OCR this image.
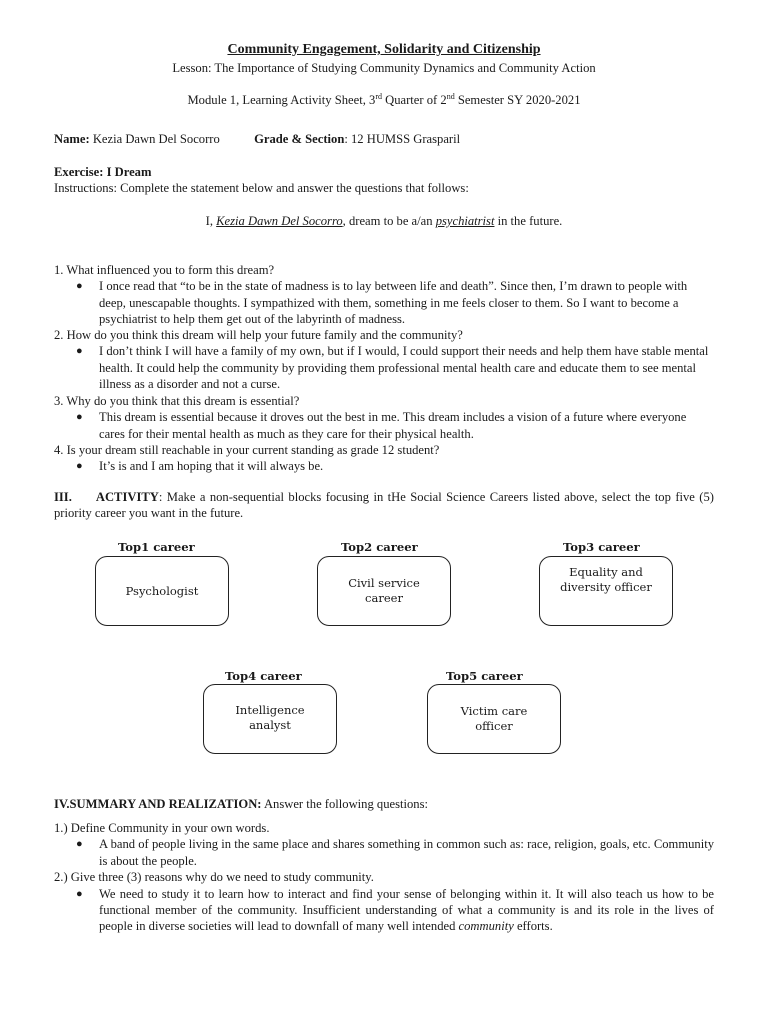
Community Engagement, Solidarity and Citizenship
Lesson: The Importance of Studying Community Dynamics and Community Action
Module 1, Learning Activity Sheet, 3rd Quarter of 2nd Semester SY 2020-2021
Name: Kezia Dawn Del Socorro	Grade & Section: 12 HUMSS Grasparil
Exercise: I Dream
Instructions: Complete the statement below and answer the questions that follows:
I, Kezia Dawn Del Socorro, dream to be a/an psychiatrist in the future.

1. What influenced you to form this dream?

● I once read that “to be in the state of madness is to lay between life and death”. Since then, I’m drawn to people with deep, unescapable thoughts. I sympathized with them, something in me feels closer to them. So I want to become a psychiatrist to help them get out of the labyrinth of madness.

2. How do you think this dream will help your future family and the community?

● I don’t think I will have a family of my own, but if I would, I could support their needs and help them have stable mental health. It could help the community by providing them professional mental health care and educate them to see mental illness as a disorder and not a curse.

3. Why do you think that this dream is essential?

● This dream is essential because it droves out the best in me. This dream includes a vision of a future where everyone cares for their mental health as much as they care for their physical health.

4. Is your dream still reachable in your current standing as grade 12 student?

● It’s is and I am hoping that it will always be.

III. ACTIVITY: Make a non-sequential blocks focusing in tHe Social Science Careers listed above, select the top five (5) priority career you want in the future.
Top1 career
Psychologist
Top2 career
Civil service career
Top3 career
Equality and diversity officer
Top4 career
Intelligence analyst
Top5 career
Victim care officer
IV.SUMMARY AND REALIZATION: Answer the following questions:

1.) Define Community in your own words.

● A band of people living in the same place and shares something in common such as: race, religion, goals, etc. Community is about the people.

2.) Give three (3) reasons why do we need to study community.

● We need to study it to learn how to interact and find your sense of belonging within it. It will also teach us how to be functional member of the community. Insufficient understanding of what a community is and its role in the lives of people in diverse societies will lead to downfall of many well intended community efforts.
